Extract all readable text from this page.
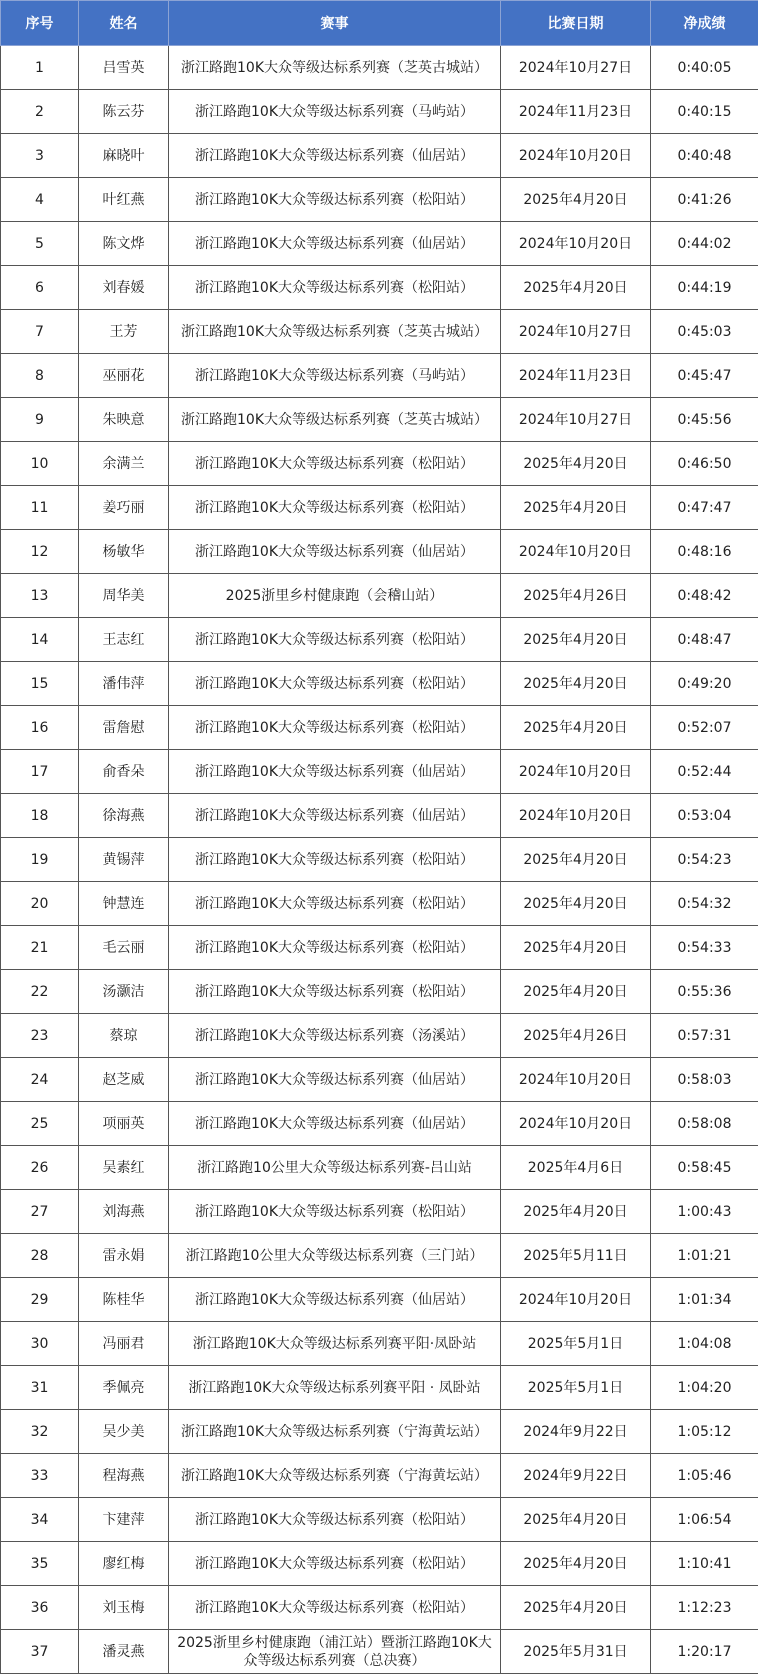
序号	姓名	赛事	比赛日期	净成绩
1	吕雪英	浙江路跑10K大众等级达标系列赛（芝英古城站）	2024年10月27日	0:40:05
2	陈云芬	浙江路跑10K大众等级达标系列赛（马屿站）	2024年11月23日	0:40:15
3	麻晓叶	浙江路跑10K大众等级达标系列赛（仙居站）	2024年10月20日	0:40:48
4	叶红燕	浙江路跑10K大众等级达标系列赛（松阳站）	2025年4月20日	0:41:26
5	陈文烨	浙江路跑10K大众等级达标系列赛（仙居站）	2024年10月20日	0:44:02
6	刘春媛	浙江路跑10K大众等级达标系列赛（松阳站）	2025年4月20日	0:44:19
7	王芳	浙江路跑10K大众等级达标系列赛（芝英古城站）	2024年10月27日	0:45:03
8	巫丽花	浙江路跑10K大众等级达标系列赛（马屿站）	2024年11月23日	0:45:47
9	朱映意	浙江路跑10K大众等级达标系列赛（芝英古城站）	2024年10月27日	0:45:56
10	余满兰	浙江路跑10K大众等级达标系列赛（松阳站）	2025年4月20日	0:46:50
11	姜巧丽	浙江路跑10K大众等级达标系列赛（松阳站）	2025年4月20日	0:47:47
12	杨敏华	浙江路跑10K大众等级达标系列赛（仙居站）	2024年10月20日	0:48:16
13	周华美	2025浙里乡村健康跑（会稽山站）	2025年4月26日	0:48:42
14	王志红	浙江路跑10K大众等级达标系列赛（松阳站）	2025年4月20日	0:48:47
15	潘伟萍	浙江路跑10K大众等级达标系列赛（松阳站）	2025年4月20日	0:49:20
16	雷詹慰	浙江路跑10K大众等级达标系列赛（松阳站）	2025年4月20日	0:52:07
17	俞香朵	浙江路跑10K大众等级达标系列赛（仙居站）	2024年10月20日	0:52:44
18	徐海燕	浙江路跑10K大众等级达标系列赛（仙居站）	2024年10月20日	0:53:04
19	黄锡萍	浙江路跑10K大众等级达标系列赛（松阳站）	2025年4月20日	0:54:23
20	钟慧连	浙江路跑10K大众等级达标系列赛（松阳站）	2025年4月20日	0:54:32
21	毛云丽	浙江路跑10K大众等级达标系列赛（松阳站）	2025年4月20日	0:54:33
22	汤灏洁	浙江路跑10K大众等级达标系列赛（松阳站）	2025年4月20日	0:55:36
23	蔡琼	浙江路跑10K大众等级达标系列赛（汤溪站）	2025年4月26日	0:57:31
24	赵芝威	浙江路跑10K大众等级达标系列赛（仙居站）	2024年10月20日	0:58:03
25	项丽英	浙江路跑10K大众等级达标系列赛（仙居站）	2024年10月20日	0:58:08
26	吴素红	浙江路跑10公里大众等级达标系列赛-吕山站	2025年4月6日	0:58:45
27	刘海燕	浙江路跑10K大众等级达标系列赛（松阳站）	2025年4月20日	1:00:43
28	雷永娟	浙江路跑10公里大众等级达标系列赛（三门站）	2025年5月11日	1:01:21
29	陈桂华	浙江路跑10K大众等级达标系列赛（仙居站）	2024年10月20日	1:01:34
30	冯丽君	浙江路跑10K大众等级达标系列赛平阳·凤卧站	2025年5月1日	1:04:08
31	季佩亮	浙江路跑10K大众等级达标系列赛平阳 · 凤卧站	2025年5月1日	1:04:20
32	吴少美	浙江路跑10K大众等级达标系列赛（宁海黄坛站）	2024年9月22日	1:05:12
33	程海燕	浙江路跑10K大众等级达标系列赛（宁海黄坛站）	2024年9月22日	1:05:46
34	卞建萍	浙江路跑10K大众等级达标系列赛（松阳站）	2025年4月20日	1:06:54
35	廖红梅	浙江路跑10K大众等级达标系列赛（松阳站）	2025年4月20日	1:10:41
36	刘玉梅	浙江路跑10K大众等级达标系列赛（松阳站）	2025年4月20日	1:12:23
37	潘灵燕	2025浙里乡村健康跑（浦江站）暨浙江路跑10K大众等级达标系列赛（总决赛）	2025年5月31日	1:20:17
